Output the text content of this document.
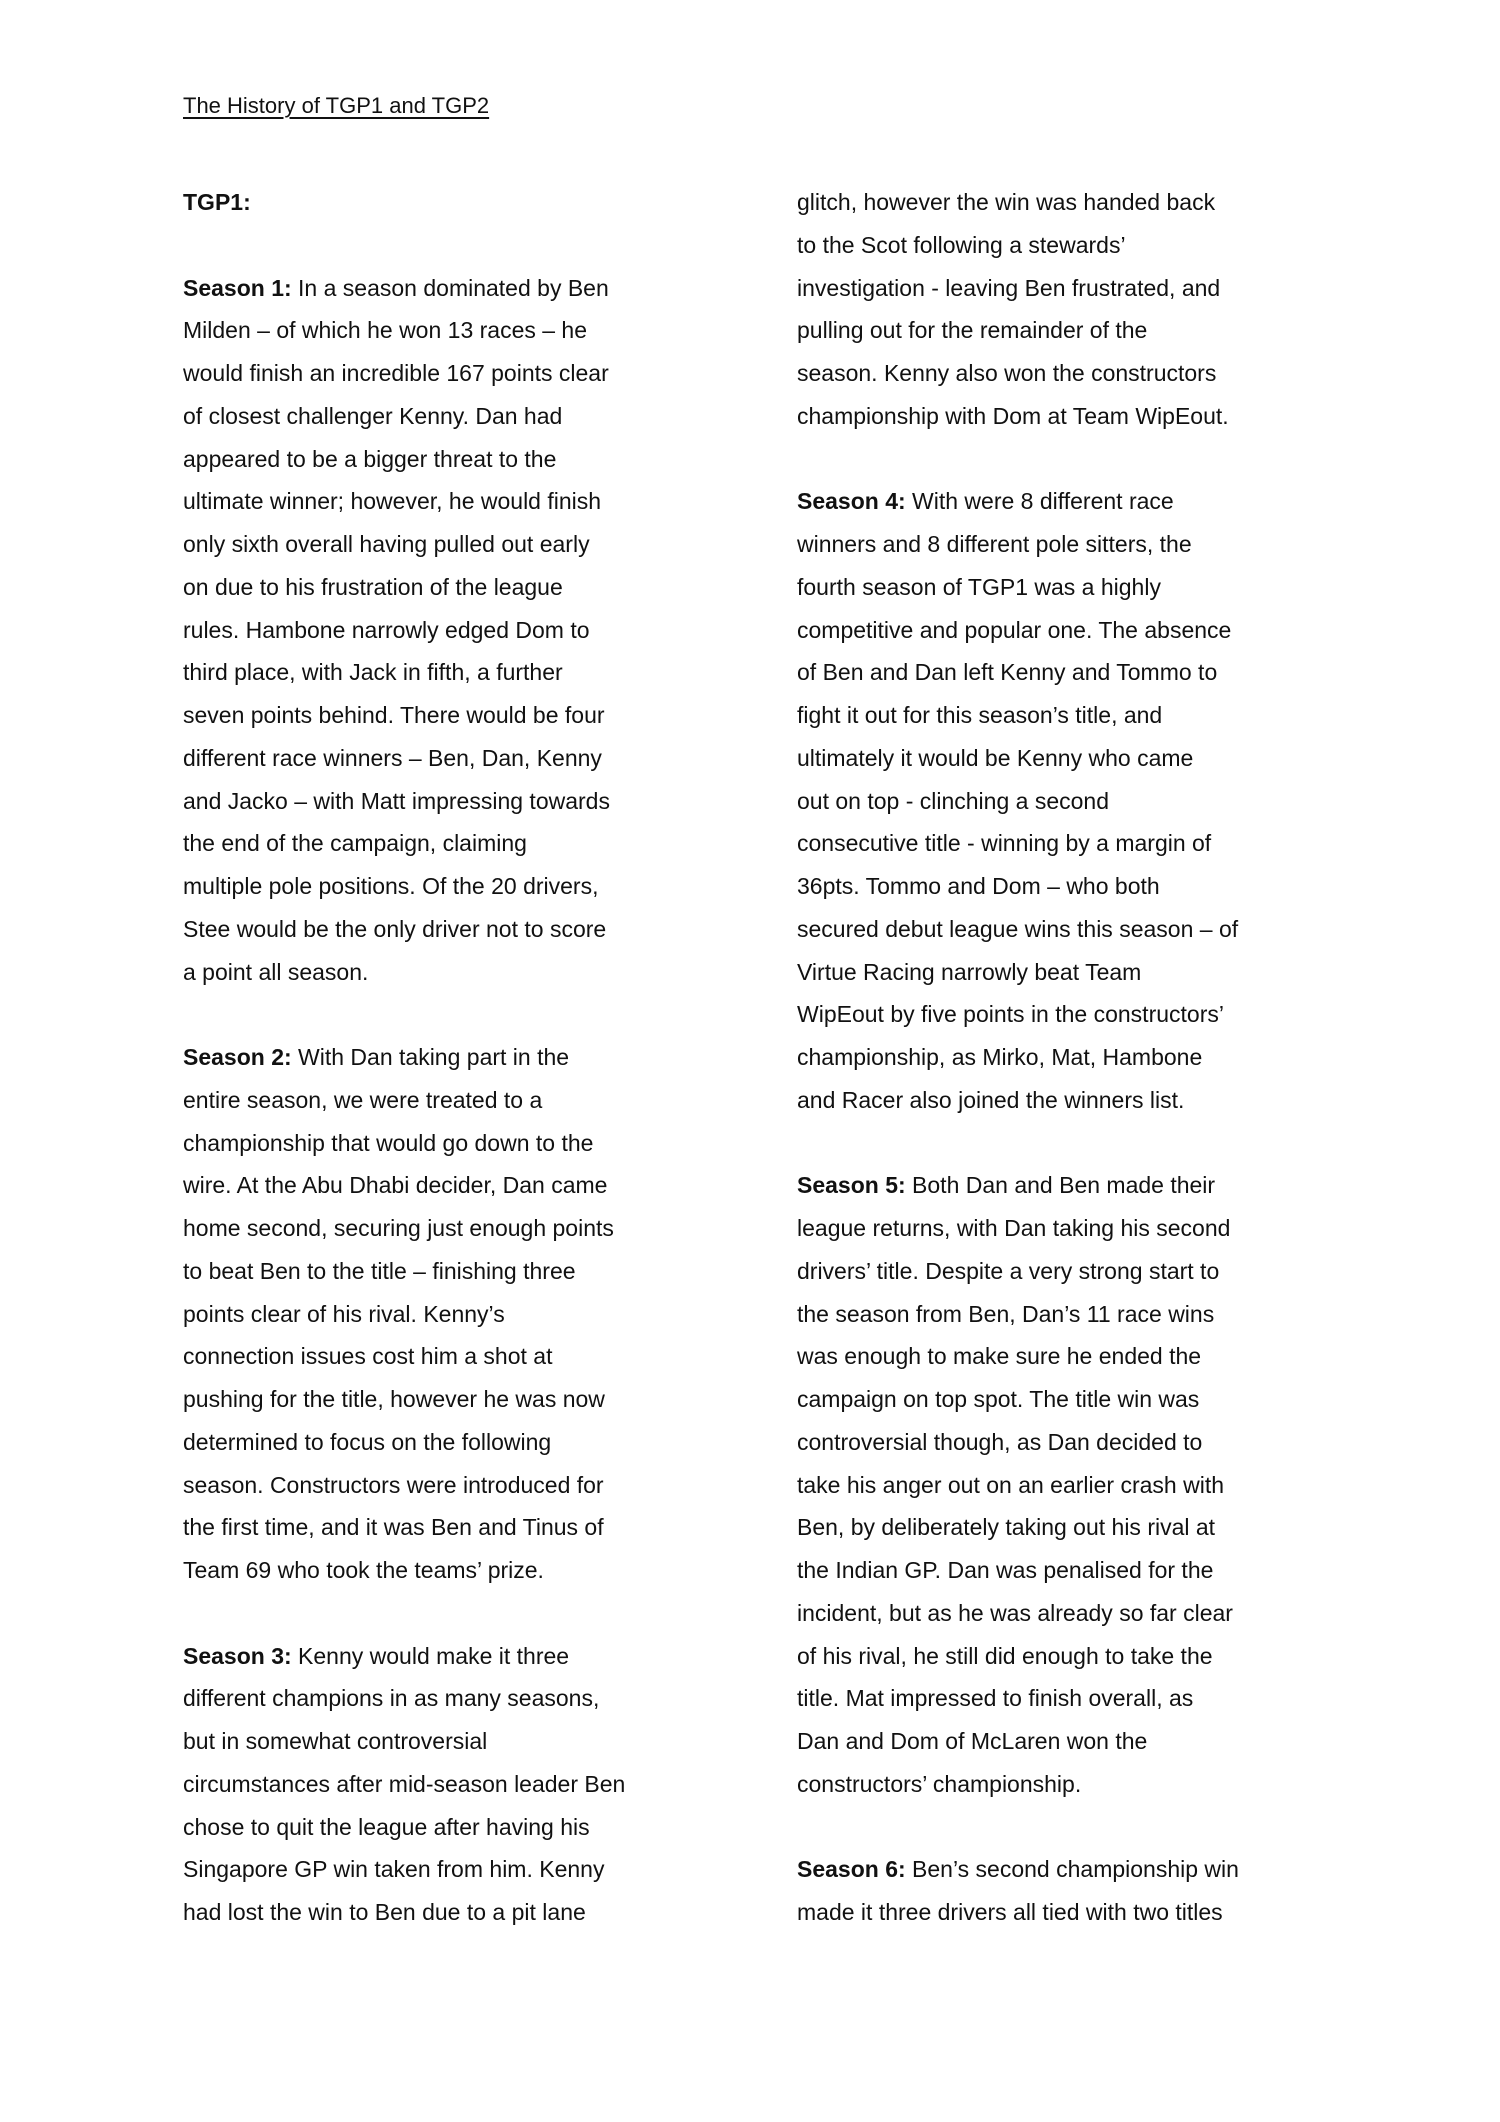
The History of TGP1 and TGP2
TGP1:
Season 1: In a season dominated by Ben
Milden – of which he won 13 races – he
would finish an incredible 167 points clear
of closest challenger Kenny. Dan had
appeared to be a bigger threat to the
ultimate winner; however, he would finish
only sixth overall having pulled out early
on due to his frustration of the league
rules. Hambone narrowly edged Dom to
third place, with Jack in fifth, a further
seven points behind. There would be four
different race winners – Ben, Dan, Kenny
and Jacko – with Matt impressing towards
the end of the campaign, claiming
multiple pole positions. Of the 20 drivers,
Stee would be the only driver not to score
a point all season.
Season 2: With Dan taking part in the
entire season, we were treated to a
championship that would go down to the
wire. At the Abu Dhabi decider, Dan came
home second, securing just enough points
to beat Ben to the title – finishing three
points clear of his rival. Kenny’s
connection issues cost him a shot at
pushing for the title, however he was now
determined to focus on the following
season. Constructors were introduced for
the first time, and it was Ben and Tinus of
Team 69 who took the teams’ prize.
Season 3: Kenny would make it three
different champions in as many seasons,
but in somewhat controversial
circumstances after mid-season leader Ben
chose to quit the league after having his
Singapore GP win taken from him. Kenny
had lost the win to Ben due to a pit lane
glitch, however the win was handed back
to the Scot following a stewards’
investigation - leaving Ben frustrated, and
pulling out for the remainder of the
season. Kenny also won the constructors
championship with Dom at Team WipEout.
Season 4: With were 8 different race
winners and 8 different pole sitters, the
fourth season of TGP1 was a highly
competitive and popular one. The absence
of Ben and Dan left Kenny and Tommo to
fight it out for this season’s title, and
ultimately it would be Kenny who came
out on top - clinching a second
consecutive title - winning by a margin of
36pts. Tommo and Dom – who both
secured debut league wins this season – of
Virtue Racing narrowly beat Team
WipEout by five points in the constructors’
championship, as Mirko, Mat, Hambone
and Racer also joined the winners list.
Season 5: Both Dan and Ben made their
league returns, with Dan taking his second
drivers’ title. Despite a very strong start to
the season from Ben, Dan’s 11 race wins
was enough to make sure he ended the
campaign on top spot. The title win was
controversial though, as Dan decided to
take his anger out on an earlier crash with
Ben, by deliberately taking out his rival at
the Indian GP. Dan was penalised for the
incident, but as he was already so far clear
of his rival, he still did enough to take the
title. Mat impressed to finish overall, as
Dan and Dom of McLaren won the
constructors’ championship.
Season 6: Ben’s second championship win
made it three drivers all tied with two titles
